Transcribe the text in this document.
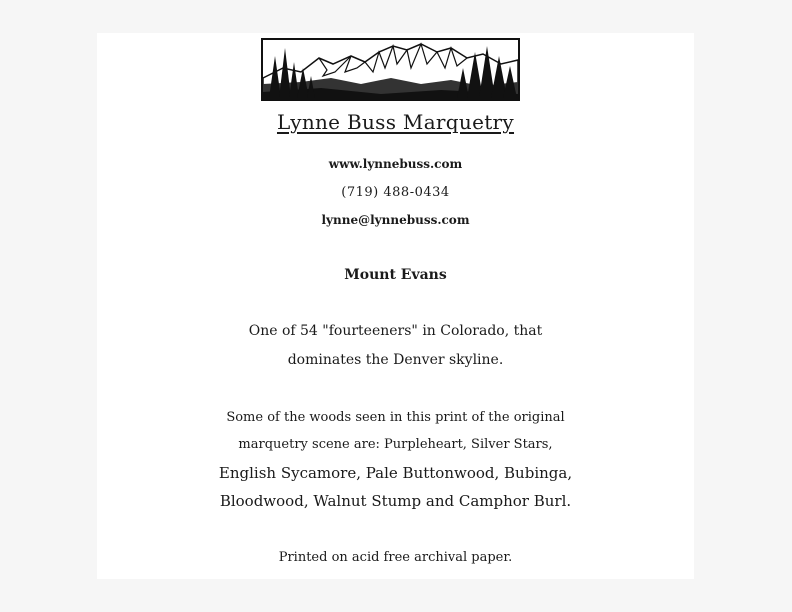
Lynne Buss Marquetry

www.lynnebuss.com

(719) 488-0434

lynne@lynnebuss.com

Mount Evans

One of 54 "fourteeners" in Colorado, that

dominates the Denver skyline.

Some of the woods seen in this print of the original

marquetry scene are: Purpleheart, Silver Stars,

English Sycamore, Pale Buttonwood, Bubinga,

Bloodwood, Walnut Stump and Camphor Burl.

Printed on acid free archival paper.
